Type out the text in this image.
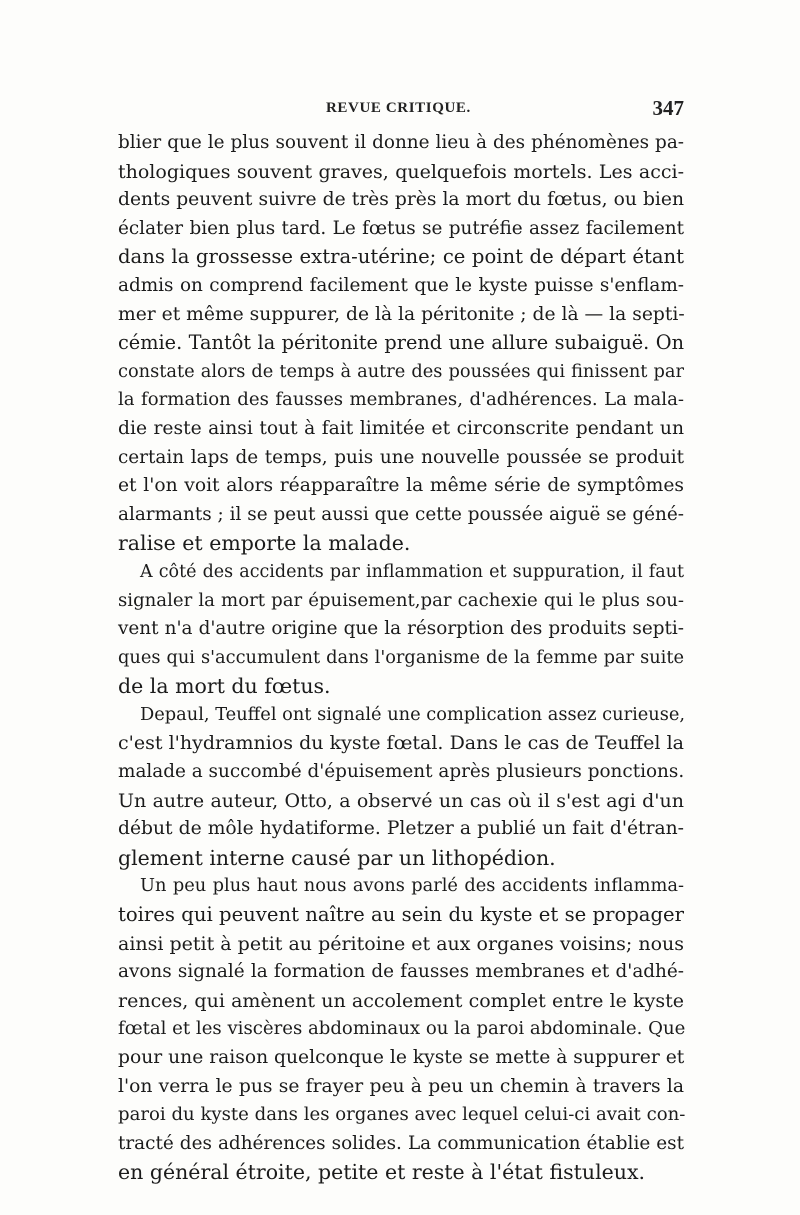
REVUE CRITIQUE.	347
blier que le plus souvent il donne lieu à des phénomènes pa-
thologiques souvent graves, quelquefois mortels. Les acci-
dents peuvent suivre de très près la mort du fœtus, ou bien
éclater bien plus tard. Le fœtus se putréfie assez facilement
dans la grossesse extra-utérine; ce point de départ étant
admis on comprend facilement que le kyste puisse s'enflam-
mer et même suppurer, de là la péritonite ; de là — la septi-
cémie. Tantôt la péritonite prend une allure subaiguë. On
constate alors de temps à autre des poussées qui finissent par
la formation des fausses membranes, d'adhérences. La mala-
die reste ainsi tout à fait limitée et circonscrite pendant un
certain laps de temps, puis une nouvelle poussée se produit
et l'on voit alors réapparaître la même série de symptômes
alarmants ; il se peut aussi que cette poussée aiguë se géné-
ralise et emporte la malade.
A côté des accidents par inflammation et suppuration, il faut
signaler la mort par épuisement,par cachexie qui le plus sou-
vent n'a d'autre origine que la résorption des produits septi-
ques qui s'accumulent dans l'organisme de la femme par suite
de la mort du fœtus.
Depaul, Teuffel ont signalé une complication assez curieuse,
c'est l'hydramnios du kyste fœtal. Dans le cas de Teuffel la
malade a succombé d'épuisement après plusieurs ponctions.
Un autre auteur, Otto, a observé un cas où il s'est agi d'un
début de môle hydatiforme. Pletzer a publié un fait d'étran-
glement interne causé par un lithopédion.
Un peu plus haut nous avons parlé des accidents inflamma-
toires qui peuvent naître au sein du kyste et se propager
ainsi petit à petit au péritoine et aux organes voisins; nous
avons signalé la formation de fausses membranes et d'adhé-
rences, qui amènent un accolement complet entre le kyste
fœtal et les viscères abdominaux ou la paroi abdominale. Que
pour une raison quelconque le kyste se mette à suppurer et
l'on verra le pus se frayer peu à peu un chemin à travers la
paroi du kyste dans les organes avec lequel celui-ci avait con-
tracté des adhérences solides. La communication établie est
en général étroite, petite et reste à l'état fistuleux.
